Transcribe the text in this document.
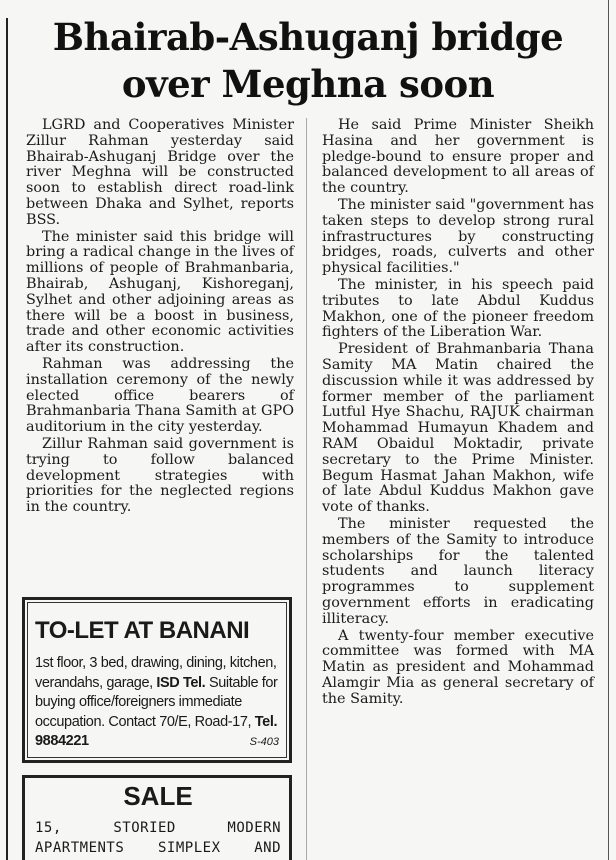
Bhairab-Ashuganj bridge over Meghna soon

LGRD and Cooperatives Minister Zillur Rahman yesterday said Bhairab-Ashuganj Bridge over the river Meghna will be constructed soon to establish direct road-link between Dhaka and Sylhet, reports BSS.

The minister said this bridge will bring a radical change in the lives of millions of people of Brahmanbaria, Bhairab, Ashuganj, Kishoreganj, Sylhet and other adjoining areas as there will be a boost in business, trade and other economic activities after its construction.

Rahman was addressing the installation ceremony of the newly elected office bearers of Brahmanbaria Thana Samith at GPO auditorium in the city yesterday.

Zillur Rahman said government is trying to follow balanced development strategies with priorities for the neglected regions in the country.

He said Prime Minister Sheikh Hasina and her government is pledge-bound to ensure proper and balanced development to all areas of the country.

The minister said "government has taken steps to develop strong rural infrastructures by constructing bridges, roads, culverts and other physical facilities."

The minister, in his speech paid tributes to late Abdul Kuddus Makhon, one of the pioneer freedom fighters of the Liberation War.

President of Brahmanbaria Thana Samity MA Matin chaired the discussion while it was addressed by former member of the parliament Lutful Hye Shachu, RAJUK chairman Mohammad Humayun Khadem and RAM Obaidul Moktadir, private secretary to the Prime Minister. Begum Hasmat Jahan Makhon, wife of late Abdul Kuddus Makhon gave vote of thanks.

The minister requested the members of the Samity to introduce scholarships for the talented students and launch literacy programmes to supplement government efforts in eradicating illiteracy.

A twenty-four member executive committee was formed with MA Matin as president and Mohammad Alamgir Mia as general secretary of the Samity.

TO-LET AT BANANI
1st floor, 3 bed, drawing, dining, kitchen, verandahs, garage, ISD Tel. Suitable for buying office/foreigners immediate occupation. Contact 70/E, Road-17, Tel. 9884221	S-403
SALE
15, STORIED MODERN APARTMENTS SIMPLEX AND
